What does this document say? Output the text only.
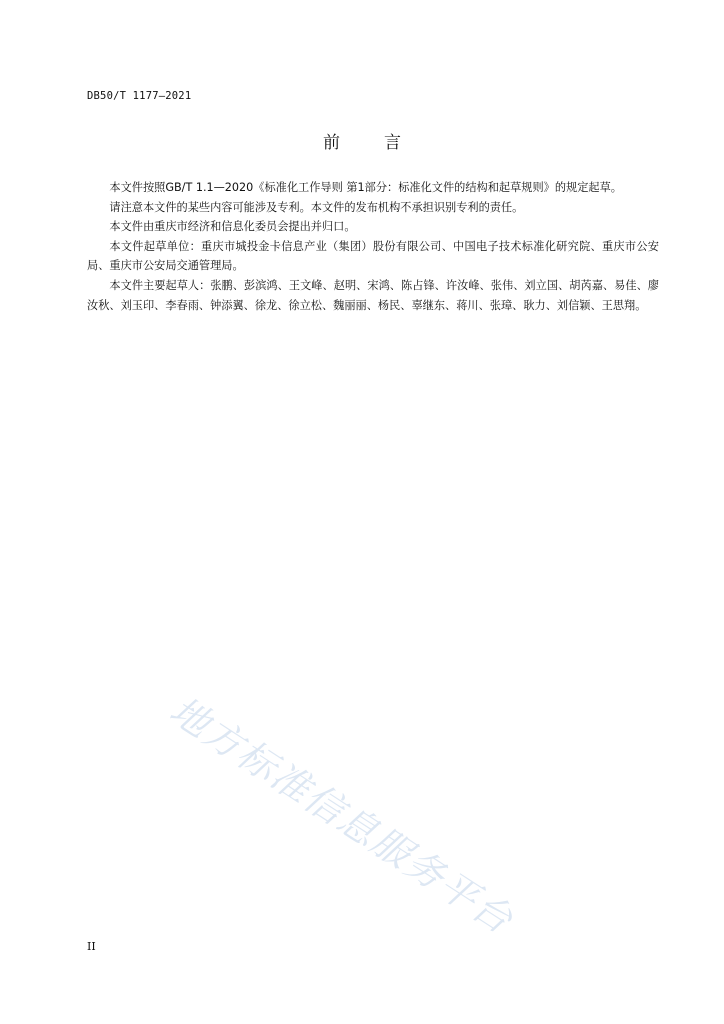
DB50/T 1177—2021
前	言

本文件按照GB/T 1.1—2020《标准化工作导则 第1部分：标准化文件的结构和起草规则》的规定起草。

请注意本文件的某些内容可能涉及专利。本文件的发布机构不承担识别专利的责任。

本文件由重庆市经济和信息化委员会提出并归口。

本文件起草单位：重庆市城投金卡信息产业（集团）股份有限公司、中国电子技术标准化研究院、重庆市公安局、重庆市公安局交通管理局。

本文件主要起草人：张鹏、彭滨鸿、王文峰、赵明、宋鸿、陈占锋、许汝峰、张伟、刘立国、胡芮嘉、易佳、廖汝秋、刘玉印、李春雨、钟添翼、徐龙、徐立松、魏丽丽、杨民、辜继东、蒋川、张璋、耿力、刘信颖、王思翔。

地方标准信息服务平台
II
